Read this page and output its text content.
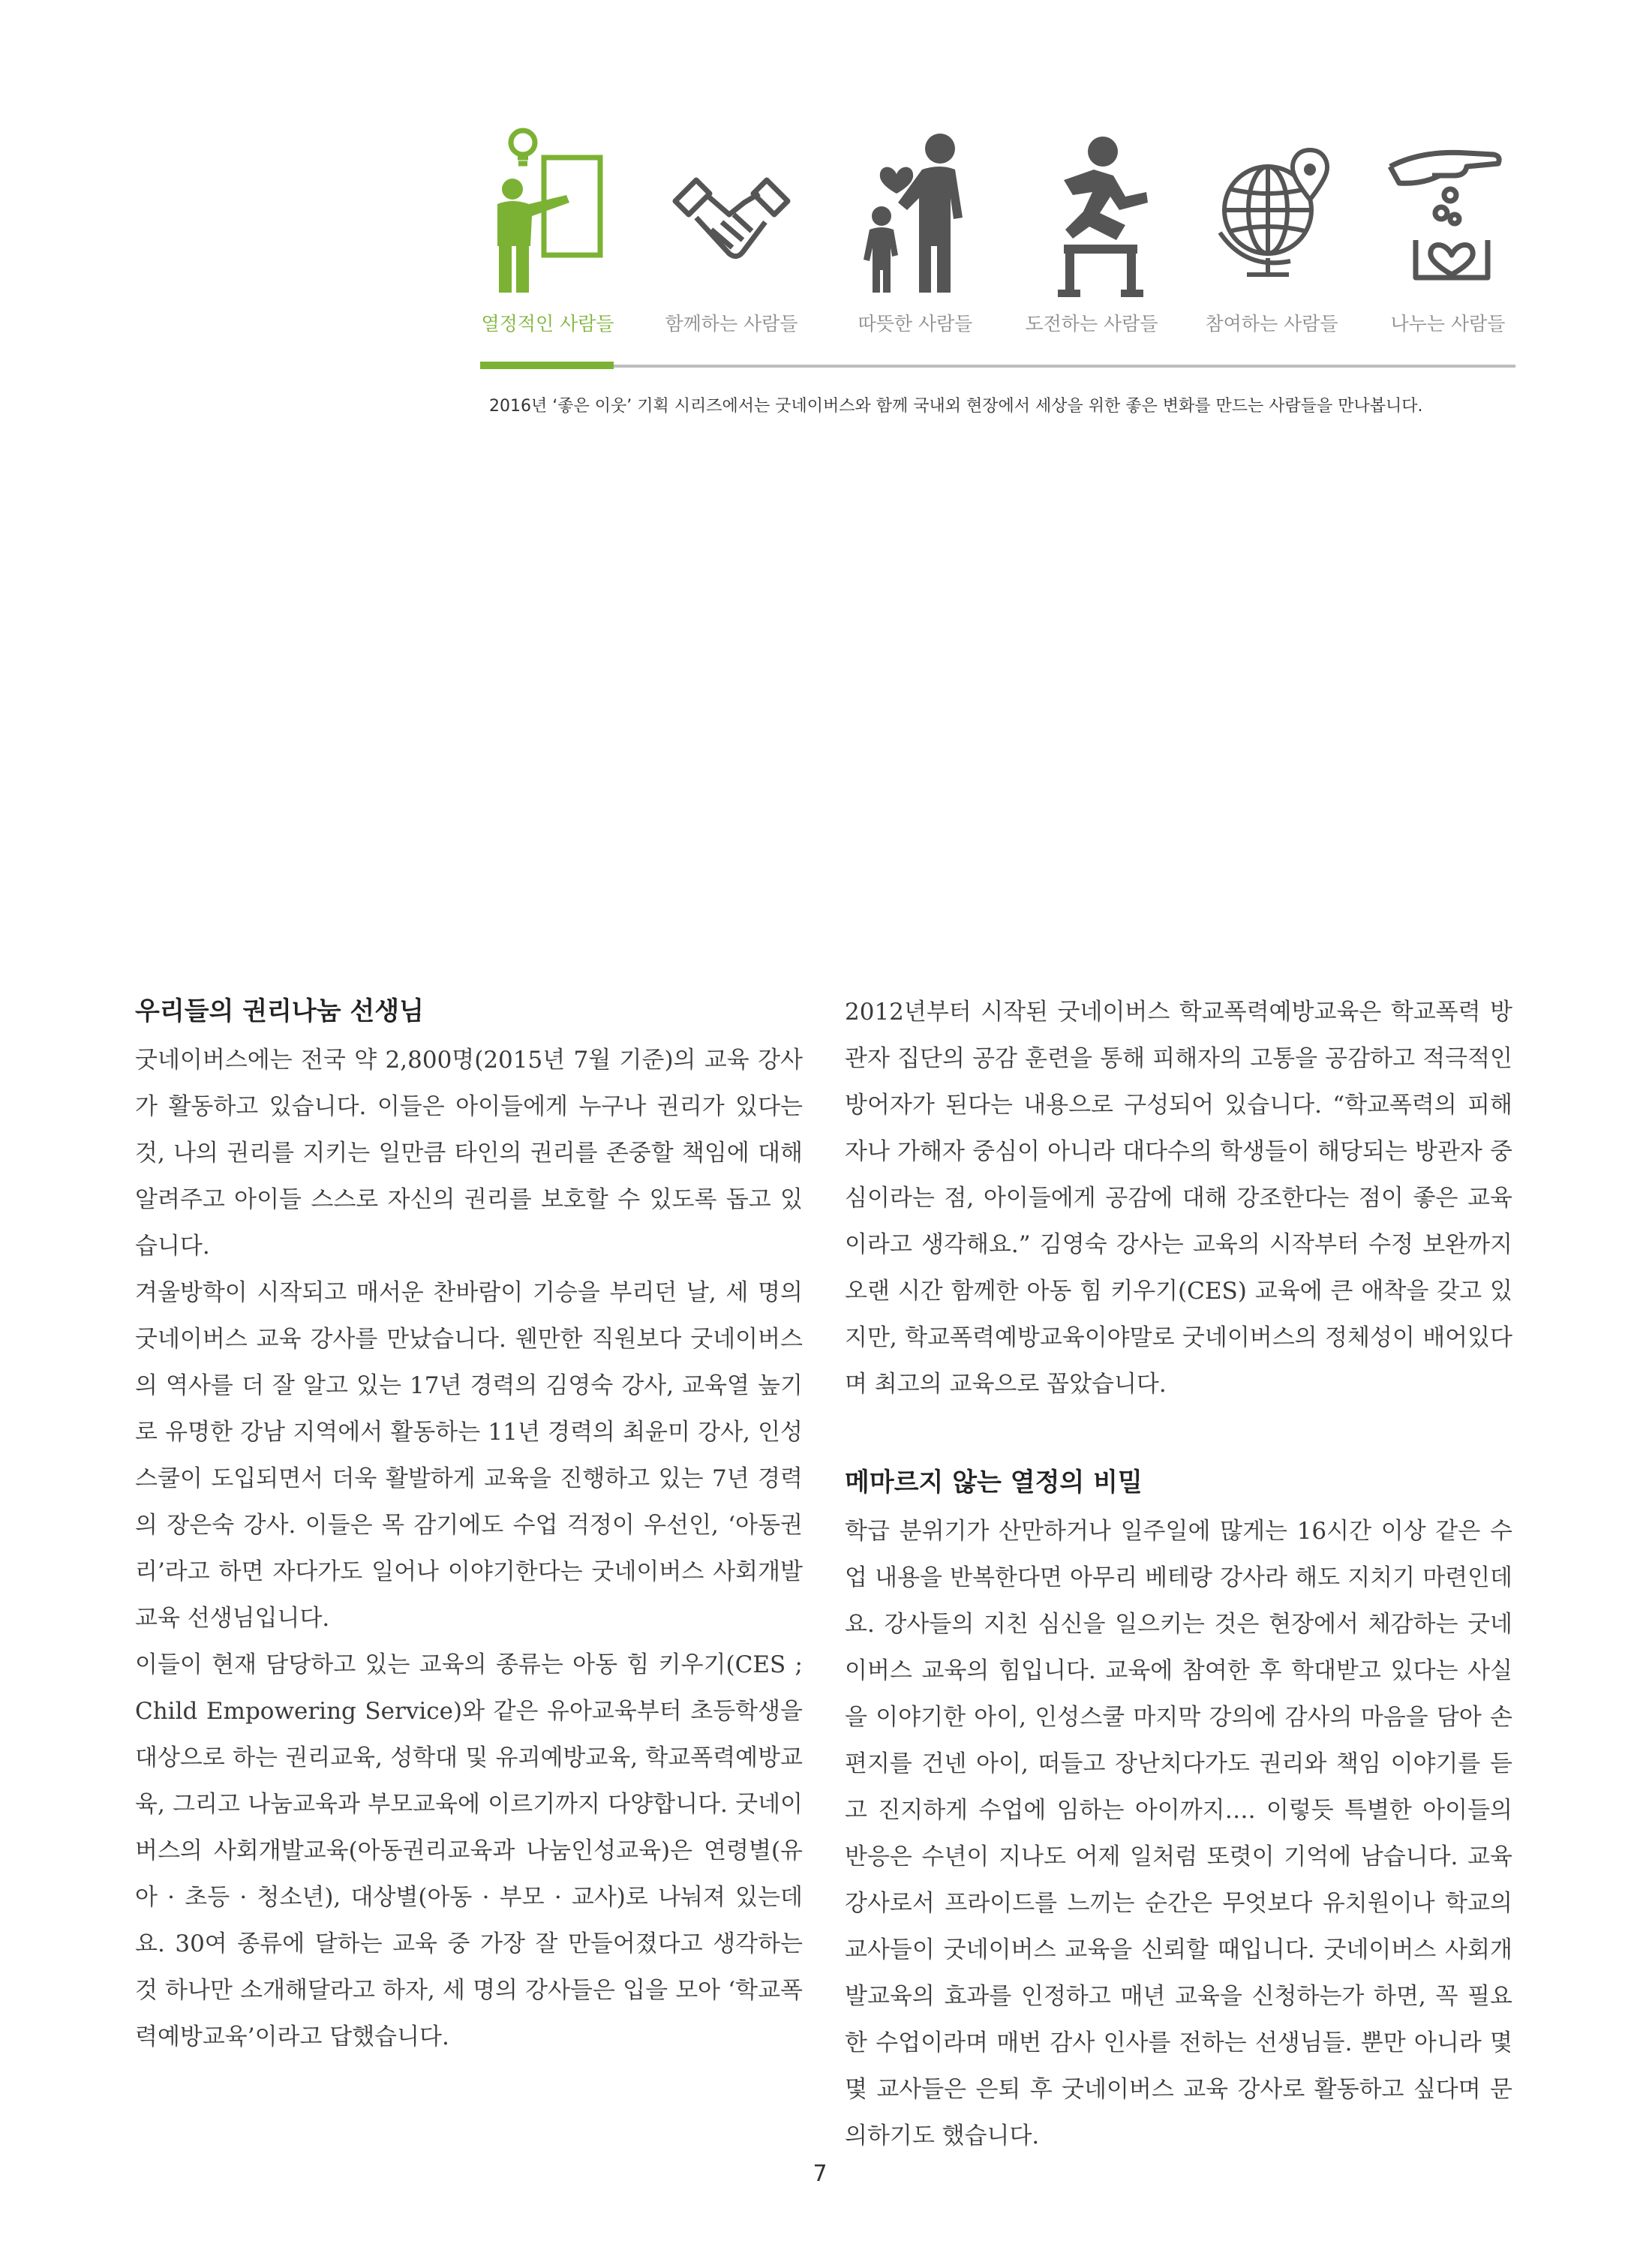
열정적인 사람들	함께하는 사람들	따뜻한 사람들	도전하는 사람들	참여하는 사람들	나누는 사람들
2016년 ‘좋은 이웃’ 기획 시리즈에서는 굿네이버스와 함께 국내외 현장에서 세상을 위한 좋은 변화를 만드는 사람들을 만나봅니다.
우리들의 권리나눔 선생님

굿네이버스에는 전국 약 2,800명(2015년 7월 기준)의 교육 강사가 활동하고 있습니다. 이들은 아이들에게 누구나 권리가 있다는 것, 나의 권리를 지키는 일만큼 타인의 권리를 존중할 책임에 대해 알려주고 아이들 스스로 자신의 권리를 보호할 수 있도록 돕고 있습니다.

겨울방학이 시작되고 매서운 찬바람이 기승을 부리던 날, 세 명의 굿네이버스 교육 강사를 만났습니다. 웬만한 직원보다 굿네이버스의 역사를 더 잘 알고 있는 17년 경력의 김영숙 강사, 교육열 높기로 유명한 강남 지역에서 활동하는 11년 경력의 최윤미 강사, 인성스쿨이 도입되면서 더욱 활발하게 교육을 진행하고 있는 7년 경력의 장은숙 강사. 이들은 목 감기에도 수업 걱정이 우선인, ‘아동권리’라고 하면 자다가도 일어나 이야기한다는 굿네이버스 사회개발교육 선생님입니다.

이들이 현재 담당하고 있는 교육의 종류는 아동 힘 키우기(CES ; Child Empowering Service)와 같은 유아교육부터 초등학생을 대상으로 하는 권리교육, 성학대 및 유괴예방교육, 학교폭력예방교육, 그리고 나눔교육과 부모교육에 이르기까지 다양합니다. 굿네이버스의 사회개발교육(아동권리교육과 나눔인성교육)은 연령별(유아 · 초등 · 청소년), 대상별(아동 · 부모 · 교사)로 나눠져 있는데요. 30여 종류에 달하는 교육 중 가장 잘 만들어졌다고 생각하는 것 하나만 소개해달라고 하자, 세 명의 강사들은 입을 모아 ‘학교폭력예방교육’이라고 답했습니다.

2012년부터 시작된 굿네이버스 학교폭력예방교육은 학교폭력 방관자 집단의 공감 훈련을 통해 피해자의 고통을 공감하고 적극적인 방어자가 된다는 내용으로 구성되어 있습니다. “학교폭력의 피해자나 가해자 중심이 아니라 대다수의 학생들이 해당되는 방관자 중심이라는 점, 아이들에게 공감에 대해 강조한다는 점이 좋은 교육이라고 생각해요.” 김영숙 강사는 교육의 시작부터 수정 보완까지 오랜 시간 함께한 아동 힘 키우기(CES) 교육에 큰 애착을 갖고 있지만, 학교폭력예방교육이야말로 굿네이버스의 정체성이 배어있다며 최고의 교육으로 꼽았습니다.

메마르지 않는 열정의 비밀

학급 분위기가 산만하거나 일주일에 많게는 16시간 이상 같은 수업 내용을 반복한다면 아무리 베테랑 강사라 해도 지치기 마련인데요. 강사들의 지친 심신을 일으키는 것은 현장에서 체감하는 굿네이버스 교육의 힘입니다. 교육에 참여한 후 학대받고 있다는 사실을 이야기한 아이, 인성스쿨 마지막 강의에 감사의 마음을 담아 손편지를 건넨 아이, 떠들고 장난치다가도 권리와 책임 이야기를 듣고 진지하게 수업에 임하는 아이까지…. 이렇듯 특별한 아이들의 반응은 수년이 지나도 어제 일처럼 또렷이 기억에 남습니다. 교육 강사로서 프라이드를 느끼는 순간은 무엇보다 유치원이나 학교의 교사들이 굿네이버스 교육을 신뢰할 때입니다. 굿네이버스 사회개발교육의 효과를 인정하고 매년 교육을 신청하는가 하면, 꼭 필요한 수업이라며 매번 감사 인사를 전하는 선생님들. 뿐만 아니라 몇몇 교사들은 은퇴 후 굿네이버스 교육 강사로 활동하고 싶다며 문의하기도 했습니다.

7
